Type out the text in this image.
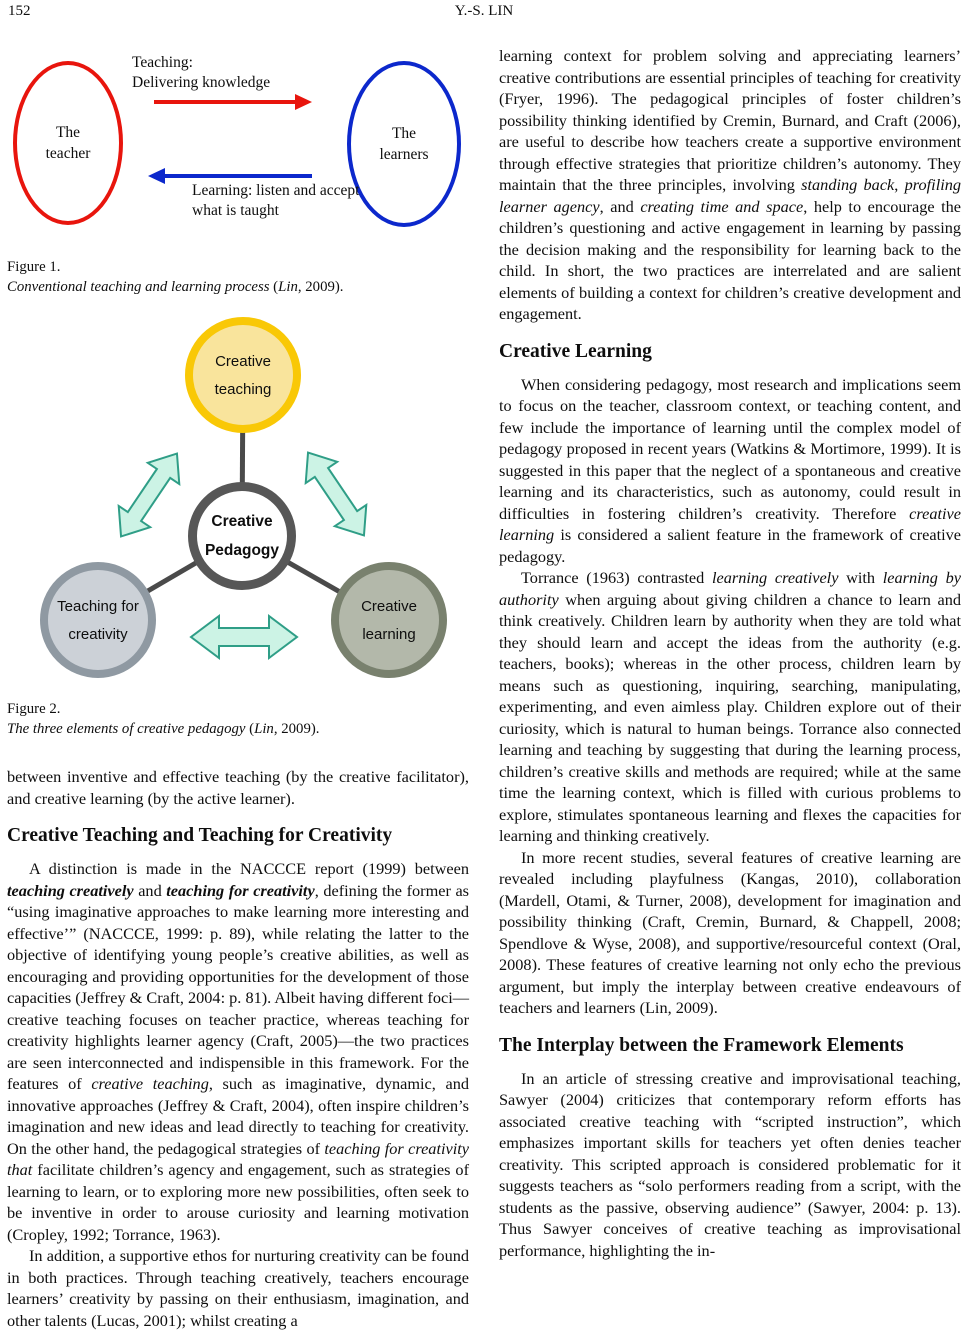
152	Y.-S. LIN
Teaching:
Delivering knowledge
The
teacher
The
learners
Learning: listen and accept
what is taught
Figure 1.
Conventional teaching and learning process (Lin, 2009).
Creative
teaching
Creative
Pedagogy
Teaching for
creativity
Creative
learning
Figure 2.
The three elements of creative pedagogy (Lin, 2009).

between inventive and effective teaching (by the creative facilitator), and creative learning (by the active learner).

Creative Teaching and Teaching for Creativity

A distinction is made in the NACCCE report (1999) between teaching creatively and teaching for creativity, defining the former as “using imaginative approaches to make learning more interesting and effective’” (NACCCE, 1999: p. 89), while relating the latter to the objective of identifying young people’s creative abilities, as well as encouraging and providing opportunities for the development of those capacities (Jeffrey & Craft, 2004: p. 81). Albeit having different foci—creative teaching focuses on teacher practice, whereas teaching for creativity highlights learner agency (Craft, 2005)—the two practices are seen interconnected and indispensible in this framework. For the features of creative teaching, such as imaginative, dynamic, and innovative approaches (Jeffrey & Craft, 2004), often inspire children’s imagination and new ideas and lead directly to teaching for creativity. On the other hand, the pedagogical strategies of teaching for creativity that facilitate children’s agency and engagement, such as strategies of learning to learn, or to exploring more new possibilities, often seek to be inventive in order to arouse curiosity and learning motivation (Cropley, 1992; Torrance, 1963).

In addition, a supportive ethos for nurturing creativity can be found in both practices. Through teaching creatively, teachers encourage learners’ creativity by passing on their enthusiasm, imagination, and other talents (Lucas, 2001); whilst creating a

learning context for problem solving and appreciating learners’ creative contributions are essential principles of teaching for creativity (Fryer, 1996). The pedagogical principles of foster children’s possibility thinking identified by Cremin, Burnard, and Craft (2006), are useful to describe how teachers create a supportive environment through effective strategies that prioritize children’s autonomy. They maintain that the three principles, involving standing back, profiling learner agency, and creating time and space, help to encourage the children’s questioning and active engagement in learning by passing the decision making and the responsibility for learning back to the child. In short, the two practices are interrelated and are salient elements of building a context for children’s creative development and engagement.

Creative Learning

When considering pedagogy, most research and implications seem to focus on the teacher, classroom context, or teaching content, and few include the importance of learning until the complex model of pedagogy proposed in recent years (Watkins & Mortimore, 1999). It is suggested in this paper that the neglect of a spontaneous and creative learning and its characteristics, such as autonomy, could result in difficulties in fostering children’s creativity. Therefore creative learning is considered a salient feature in the framework of creative pedagogy.

Torrance (1963) contrasted learning creatively with learning by authority when arguing about giving children a chance to learn and think creatively. Children learn by authority when they are told what they should learn and accept the ideas from the authority (e.g. teachers, books); whereas in the other process, children learn by means such as questioning, inquiring, searching, manipulating, experimenting, and even aimless play. Children explore out of their curiosity, which is natural to human beings. Torrance also connected learning and teaching by suggesting that during the learning process, children’s creative skills and methods are required; while at the same time the learning context, which is filled with curious problems to explore, stimulates spontaneous learning and flexes the capacities for learning and thinking creatively.

In more recent studies, several features of creative learning are revealed including playfulness (Kangas, 2010), collaboration (Mardell, Otami, & Turner, 2008), development for imagination and possibility thinking (Craft, Cremin, Burnard, & Chappell, 2008; Spendlove & Wyse, 2008), and supportive/resourceful context (Oral, 2008). These features of creative learning not only echo the previous argument, but imply the interplay between creative endeavours of teachers and learners (Lin, 2009).

The Interplay between the Framework Elements

In an article of stressing creative and improvisational teaching, Sawyer (2004) criticizes that contemporary reform efforts has associated creative teaching with “scripted instruction”, which emphasizes important skills for teachers yet often denies teacher creativity. This scripted approach is considered problematic for it suggests teachers as “solo performers reading from a script, with the students as the passive, observing audience” (Sawyer, 2004: p. 13). Thus Sawyer conceives of creative teaching as improvisational performance, highlighting the in-
